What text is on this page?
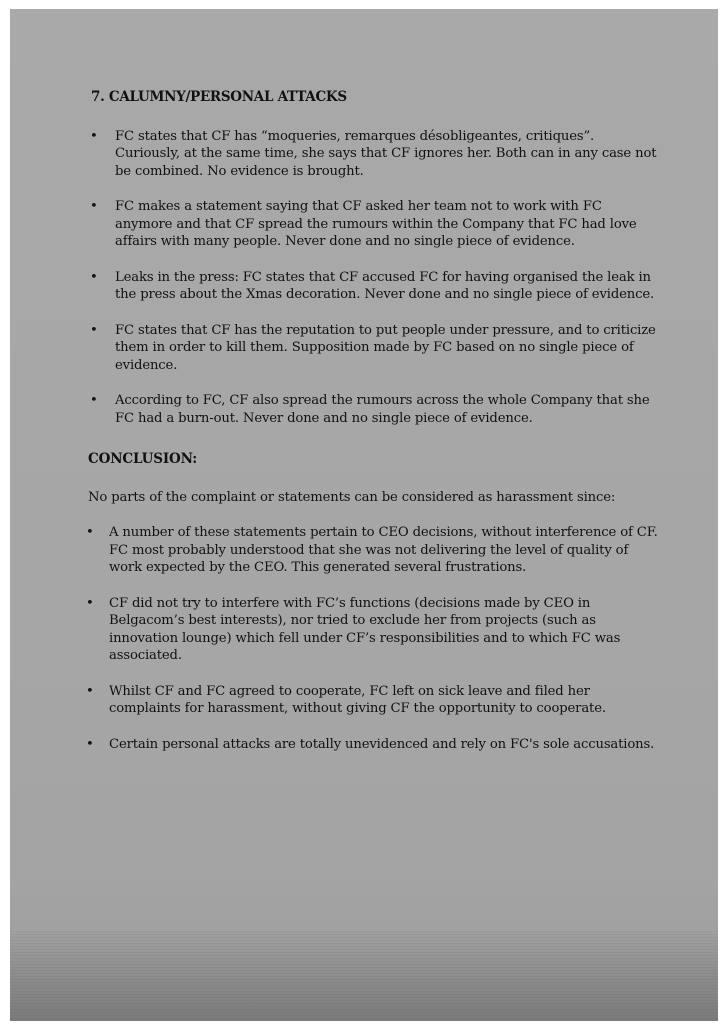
7. CALUMNY/PERSONAL ATTACKS
• FC states that CF has “moqueries, remarques désobligeantes, critiques”. Curiously, at the same time, she says that CF ignores her. Both can in any case not be combined. No evidence is brought.
• FC makes a statement saying that CF asked her team not to work with FC anymore and that CF spread the rumours within the Company that FC had love affairs with many people. Never done and no single piece of evidence.
• Leaks in the press: FC states that CF accused FC for having organised the leak in the press about the Xmas decoration. Never done and no single piece of evidence.
• FC states that CF has the reputation to put people under pressure, and to criticize them in order to kill them. Supposition made by FC based on no single piece of evidence.
• According to FC, CF also spread the rumours across the whole Company that she FC had a burn-out. Never done and no single piece of evidence.
CONCLUSION:

No parts of the complaint or statements can be considered as harassment since:

• A number of these statements pertain to CEO decisions, without interference of CF. FC most probably understood that she was not delivering the level of quality of work expected by the CEO. This generated several frustrations.
• CF did not try to interfere with FC’s functions (decisions made by CEO in Belgacom’s best interests), nor tried to exclude her from projects (such as innovation lounge) which fell under CF’s responsibilities and to which FC was associated.
• Whilst CF and FC agreed to cooperate, FC left on sick leave and filed her complaints for harassment, without giving CF the opportunity to cooperate.
• Certain personal attacks are totally unevidenced and rely on FC's sole accusations.
